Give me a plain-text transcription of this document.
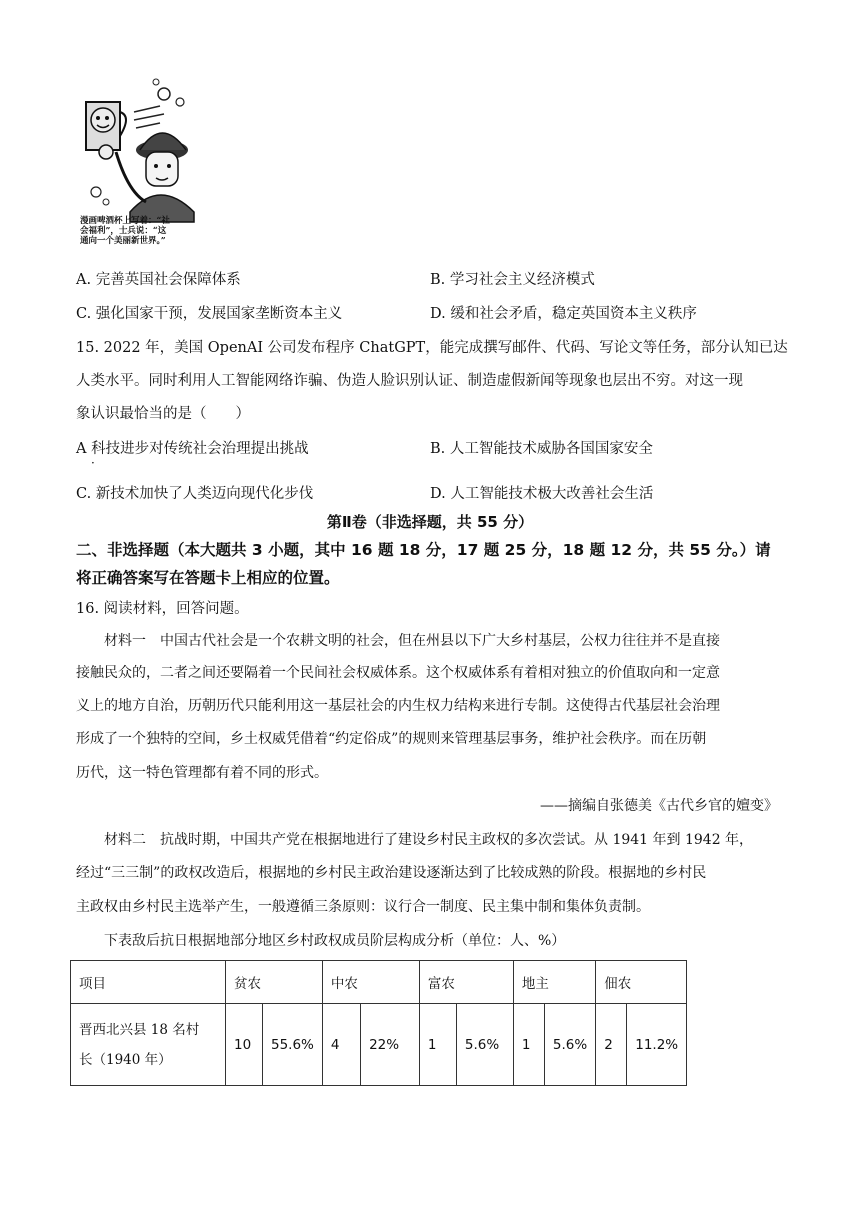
漫画啤酒杯上写着：“社
会福利”，士兵说：“这
通向一个美丽新世界。”
A. 完善英国社会保障体系	B. 学习社会主义经济模式
C. 强化国家干预，发展国家垄断资本主义	D. 缓和社会矛盾，稳定英国资本主义秩序
15. 2022 年，美国 OpenAI 公司发布程序 ChatGPT，能完成撰写邮件、代码、写论文等任务，部分认知已达
人类水平。同时利用人工智能网络诈骗、伪造人脸识别认证、制造虚假新闻等现象也层出不穷。对这一现
象认识最恰当的是（　　）
A 科技进步对传统社会治理提出挑战
·
B. 人工智能技术威胁各国国家安全
C. 新技术加快了人类迈向现代化步伐	D. 人工智能技术极大改善社会生活
第Ⅱ卷（非选择题，共 55 分）
二、非选择题（本大题共 3 小题，其中 16 题 18 分，17 题 25 分，18 题 12 分，共 55 分。）请
将正确答案写在答题卡上相应的位置。
16. 阅读材料，回答问题。
材料一　中国古代社会是一个农耕文明的社会，但在州县以下广大乡村基层，公权力往往并不是直接
接触民众的，二者之间还要隔着一个民间社会权威体系。这个权威体系有着相对独立的价值取向和一定意
义上的地方自治，历朝历代只能利用这一基层社会的内生权力结构来进行专制。这使得古代基层社会治理
形成了一个独特的空间，乡土权威凭借着“约定俗成”的规则来管理基层事务，维护社会秩序。而在历朝
历代，这一特色管理都有着不同的形式。
——摘编自张德美《古代乡官的嬗变》
材料二　抗战时期，中国共产党在根据地进行了建设乡村民主政权的多次尝试。从 1941 年到 1942 年，
经过“三三制”的政权改造后，根据地的乡村民主政治建设逐渐达到了比较成熟的阶段。根据地的乡村民
主政权由乡村民主选举产生，一般遵循三条原则：议行合一制度、民主集中制和集体负责制。
下表敌后抗日根据地部分地区乡村政权成员阶层构成分析（单位：人、%）
项目	贫农		中农		富农		地主		佃农	

晋西北兴县 18 名村
长（1940 年）	10	55.6%	4	22%	1	5.6%	1	5.6%	2	11.2%
